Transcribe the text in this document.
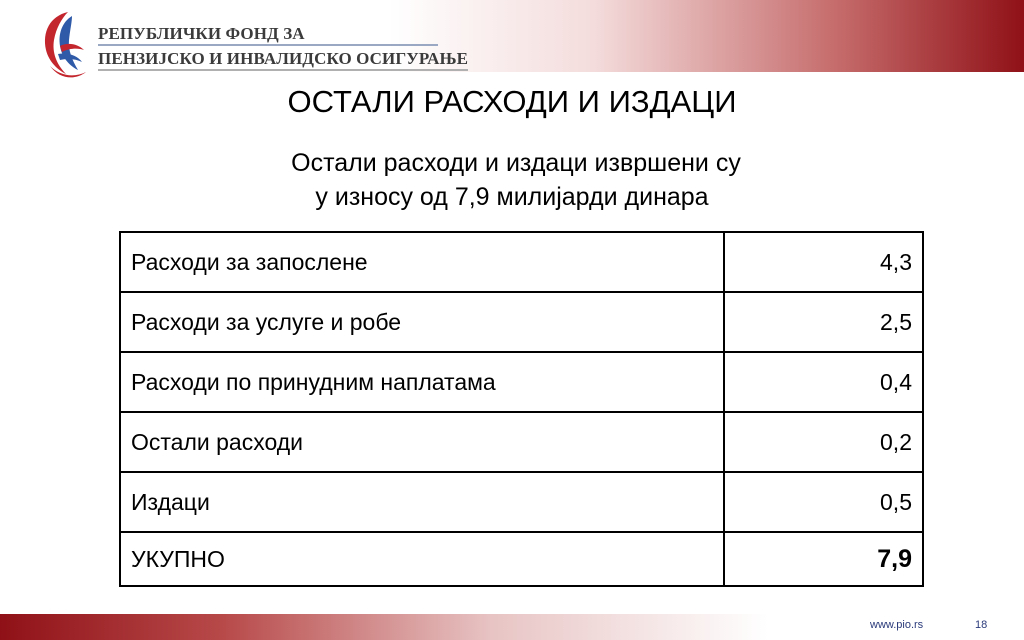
РЕПУБЛИЧКИ ФОНД ЗА
ПЕНЗИЈСКО И ИНВАЛИДСКО ОСИГУРАЊЕ
ОСТАЛИ РАСХОДИ И ИЗДАЦИ
Остали расходи и издаци извршени су
у износу од 7,9 милијарди динара
Расходи за запослене	4,3
Расходи за услуге и робе	2,5
Расходи по принудним наплатама	0,4
Остали расходи	0,2
Издаци	0,5
УКУПНО	7,9
www.pio.rs	18
